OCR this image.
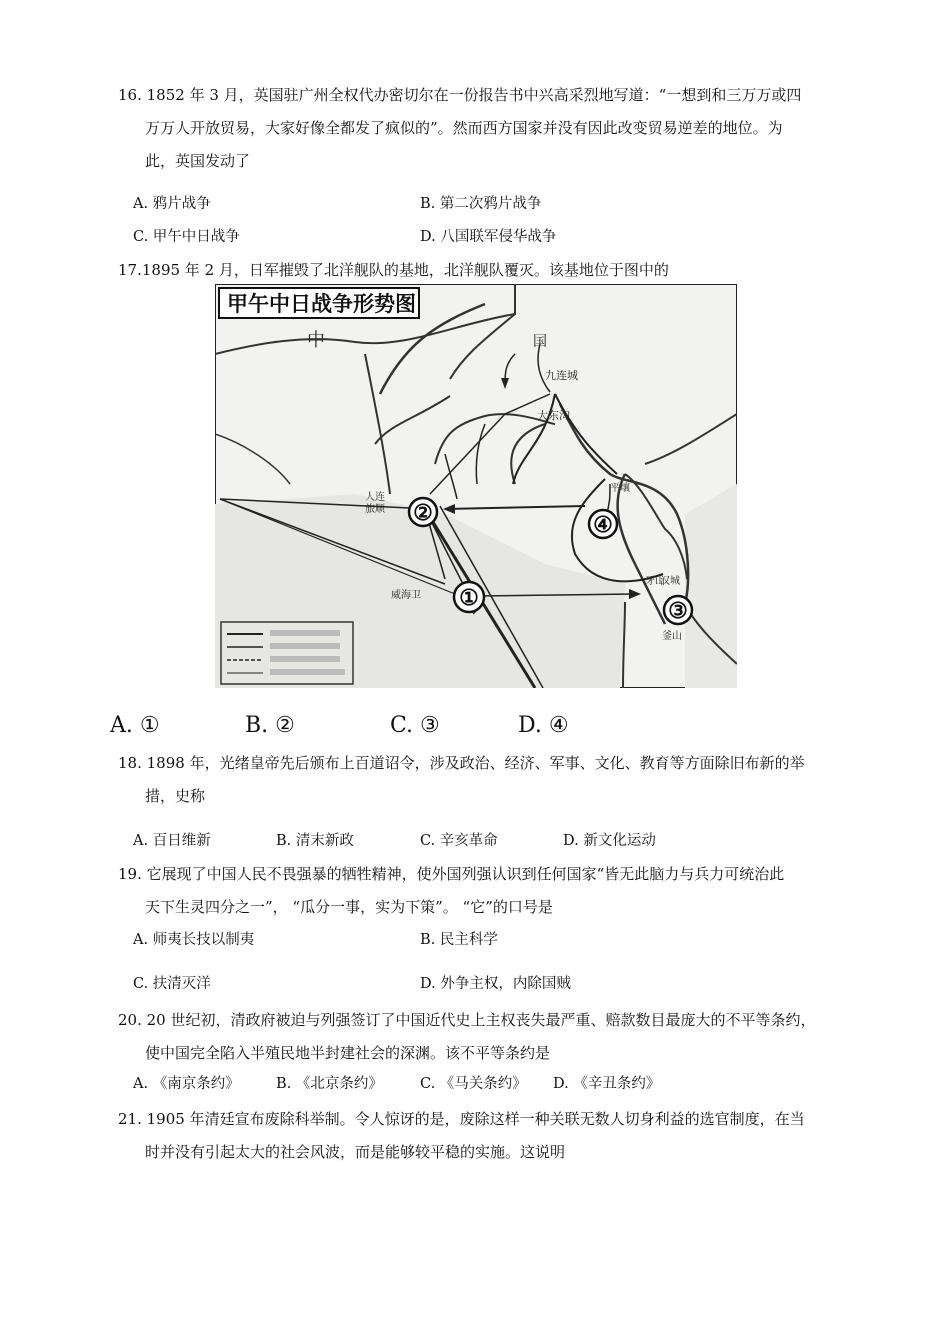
16. 1852 年 3 月，英国驻广州全权代办密切尔在一份报告书中兴高采烈地写道：“一想到和三万万或四
万万人开放贸易，大家好像全都发了疯似的”。然而西方国家并没有因此改变贸易逆差的地位。为
此，英国发动了
A. 鸦片战争	B. 第二次鸦片战争
C. 甲午中日战争	D. 八国联军侵华战争
17.1895 年 2 月，日军摧毁了北洋舰队的基地，北洋舰队覆灭。该基地位于图中的
甲午中日战争形势图
中	国
九连城
大东沟
人连
旅顺
威海卫
平壤
汉城
牙山
釜山
②
①
④
③
A. ①	B. ②	C. ③	D. ④
18. 1898 年，光绪皇帝先后颁布上百道诏令，涉及政治、经济、军事、文化、教育等方面除旧布新的举
措，史称
A. 百日维新	B. 清末新政	C. 辛亥革命	D. 新文化运动
19. 它展现了中国人民不畏强暴的牺牲精神，使外国列强认识到任何国家“皆无此脑力与兵力可统治此
天下生灵四分之一”， “瓜分一事，实为下策”。 “它”的口号是
A. 师夷长技以制夷	B. 民主科学
C. 扶清灭洋	D. 外争主权，内除国贼
20. 20 世纪初，清政府被迫与列强签订了中国近代史上主权丧失最严重、赔款数目最庞大的不平等条约，
使中国完全陷入半殖民地半封建社会的深渊。该不平等条约是
A. 《南京条约》	B. 《北京条约》	C. 《马关条约》 D. 《辛丑条约》
21. 1905 年清廷宣布废除科举制。令人惊讶的是，废除这样一种关联无数人切身利益的选官制度，在当
时并没有引起太大的社会风波，而是能够较平稳的实施。这说明
